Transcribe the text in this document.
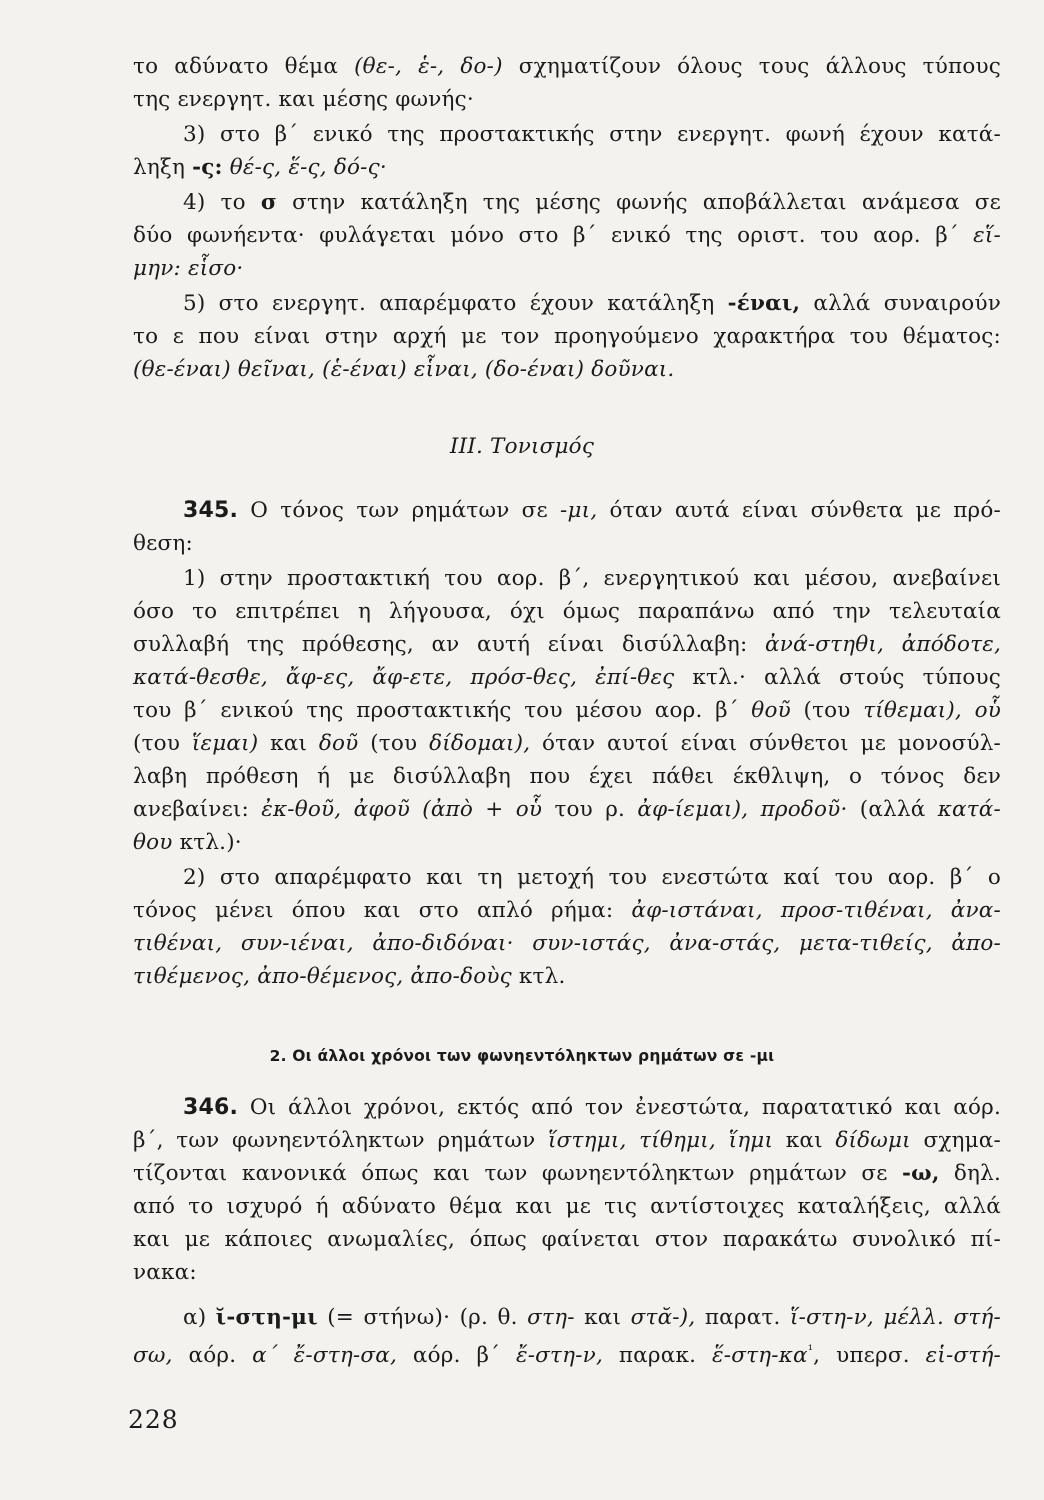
το αδύνατο θέμα (θε-, ἑ-, δο-) σχηματίζουν όλους τους άλλους τύπους
της ενεργητ. και μέσης φωνής·
3) στο β΄ ενικό της προστακτικής στην ενεργητ. φωνή έχουν κατά-
ληξη -ς: θέ-ς, ἕ-ς, δό-ς·
4) το σ στην κατάληξη της μέσης φωνής αποβάλλεται ανάμεσα σε
δύο φωνήεντα· φυλάγεται μόνο στο β΄ ενικό της οριστ. του αορ. β΄ εἵ-
μην: εἷσο·
5) στο ενεργητ. απαρέμφατο έχουν κατάληξη -έναι, αλλά συναιρούν
το ε που είναι στην αρχή με τον προηγούμενο χαρακτήρα του θέματος:
(θε-έναι) θεῖναι, (ἑ-έναι) εἷναι, (δο-έναι) δοῦναι.
III. Τονισμός
345. Ο τόνος των ρημάτων σε -μι, όταν αυτά είναι σύνθετα με πρό-
θεση:
1) στην προστακτική του αορ. β΄, ενεργητικού και μέσου, ανεβαίνει
όσο το επιτρέπει η λήγουσα, όχι όμως παραπάνω από την τελευταία
συλλαβή της πρόθεσης, αν αυτή είναι δισύλλαβη: ἀνά-στηθι, ἀπόδοτε,
κατά-θεσθε, ἄφ-ες, ἄφ-ετε, πρόσ-θες, ἐπί-θες κτλ.· αλλά στούς τύπους
του β΄ ενικού της προστακτικής του μέσου αορ. β΄ θοῦ (του τίθεμαι), οὗ
(του ἵεμαι) και δοῦ (του δίδομαι), όταν αυτοί είναι σύνθετοι με μονοσύλ-
λαβη πρόθεση ή με δισύλλαβη που έχει πάθει έκθλιψη, ο τόνος δεν
ανεβαίνει: ἐκ-θοῦ, ἀφοῦ (ἀπὸ + οὗ του ρ. ἀφ-ίεμαι), προδοῦ· (αλλά κατά-
θου κτλ.)·
2) στο απαρέμφατο και τη μετοχή του ενεστώτα καί του αορ. β΄ ο
τόνος μένει όπου και στο απλό ρήμα: ἀφ-ιστάναι, προσ-τιθέναι, ἀνα-
τιθέναι, συν-ιέναι, ἀπο-διδόναι· συν-ιστάς, ἀνα-στάς, μετα-τιθείς, ἀπο-
τιθέμενος, ἀπο-θέμενος, ἀπο-δοὺς κτλ.
2. Οι άλλοι χρόνοι των φωνηεντόληκτων ρημάτων σε -μι
346. Οι άλλοι χρόνοι, εκτός από τον ἐνεστώτα, παρατατικό και αόρ.
β΄, των φωνηεντόληκτων ρημάτων ἵστημι, τίθημι, ἵημι και δίδωμι σχημα-
τίζονται κανονικά όπως και των φωνηεντόληκτων ρημάτων σε -ω, δηλ.
από το ισχυρό ή αδύνατο θέμα και με τις αντίστοιχες καταλήξεις, αλλά
και με κάποιες ανωμαλίες, όπως φαίνεται στον παρακάτω συνολικό πί-
νακα:
α) ῐ-στη-μι (= στήνω)· (ρ. θ. στη- και στᾰ-), παρατ. ἵ-στη-ν, μέλλ. στή-
σω, αόρ. α΄ ἔ-στη-σα, αόρ. β΄ ἔ-στη-ν, παρακ. $ἕ-\sigma\tau\eta-\kappa\alpha^{^1}$, υπερσ. εἱ-στή-
228
